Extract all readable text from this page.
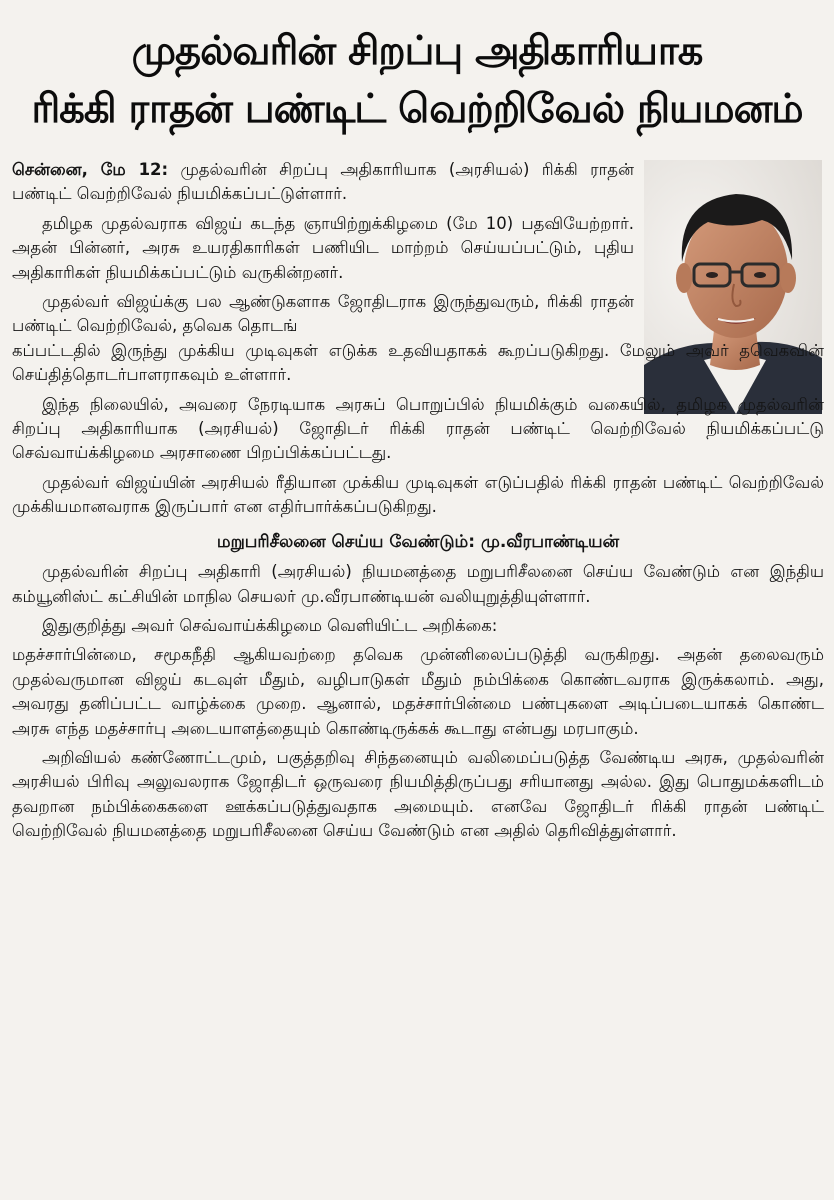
முதல்வரின் சிறப்பு அதிகாரியாக
ரிக்கி ராதன் பண்டிட் வெற்றிவேல் நியமனம்

சென்னை, மே 12: முதல்வரின் சிறப்பு அதிகாரியாக (அரசியல்) ரிக்கி ராதன் பண்டிட் வெற்றிவேல் நியமிக்கப்பட்டுள்ளார்.

தமிழக முதல்வராக விஜய் கடந்த ஞாயிற்றுக்கிழமை (மே 10) பதவியேற்றார். அதன் பின்னர், அரசு உயரதிகாரிகள் பணியிட மாற்றம் செய்யப்பட்டும், புதிய அதிகாரிகள் நியமிக்கப்பட்டும் வருகின்றனர்.

முதல்வர் விஜய்க்கு பல ஆண்டுகளாக ஜோதிடராக இருந்துவரும், ரிக்கி ராதன் பண்டிட் வெற்றிவேல், தவெக தொடங்

கப்பட்டதில் இருந்து முக்கிய முடிவுகள் எடுக்க உதவியதாகக் கூறப்படுகிறது. மேலும் அவர் தவெகவின் செய்தித்தொடர்பாளராகவும் உள்ளார்.

இந்த நிலையில், அவரை நேரடியாக அரசுப் பொறுப்பில் நியமிக்கும் வகையில், தமிழக முதல்வரின் சிறப்பு அதிகாரியாக (அரசியல்) ஜோதிடர் ரிக்கி ராதன் பண்டிட் வெற்றிவேல் நியமிக்கப்பட்டு செவ்வாய்க்கிழமை அரசாணை பிறப்பிக்கப்பட்டது.

முதல்வர் விஜய்யின் அரசியல் ரீதியான முக்கிய முடிவுகள் எடுப்பதில் ரிக்கி ராதன் பண்டிட் வெற்றிவேல் முக்கியமானவராக இருப்பார் என எதிர்பார்க்கப்படுகிறது.

மறுபரிசீலனை செய்ய வேண்டும்: மு.வீரபாண்டியன்

முதல்வரின் சிறப்பு அதிகாரி (அரசியல்) நியமனத்தை மறுபரிசீலனை செய்ய வேண்டும் என இந்திய கம்யூனிஸ்ட் கட்சியின் மாநில செயலர் மு.வீரபாண்டியன் வலியுறுத்தியுள்ளார்.

இதுகுறித்து அவர் செவ்வாய்க்கிழமை வெளியிட்ட அறிக்கை:

மதச்சார்பின்மை, சமூகநீதி ஆகியவற்றை தவெக முன்னிலைப்படுத்தி வருகிறது. அதன் தலைவரும் முதல்வருமான விஜய் கடவுள் மீதும், வழிபாடுகள் மீதும் நம்பிக்கை கொண்டவராக இருக்கலாம். அது, அவரது தனிப்பட்ட வாழ்க்கை முறை. ஆனால், மதச்சார்பின்மை பண்புகளை அடிப்படையாகக் கொண்ட அரசு எந்த மதச்சார்பு அடையாளத்தையும் கொண்டிருக்கக் கூடாது என்பது மரபாகும்.

அறிவியல் கண்ணோட்டமும், பகுத்தறிவு சிந்தனையும் வலிமைப்படுத்த வேண்டிய அரசு, முதல்வரின் அரசியல் பிரிவு அலுவலராக ஜோதிடர் ஒருவரை நியமித்திருப்பது சரியானது அல்ல. இது பொதுமக்களிடம் தவறான நம்பிக்கைகளை ஊக்கப்படுத்துவதாக அமையும். எனவே ஜோதிடர் ரிக்கி ராதன் பண்டிட் வெற்றிவேல் நியமனத்தை மறுபரிசீலனை செய்ய வேண்டும் என அதில் தெரிவித்துள்ளார்.
